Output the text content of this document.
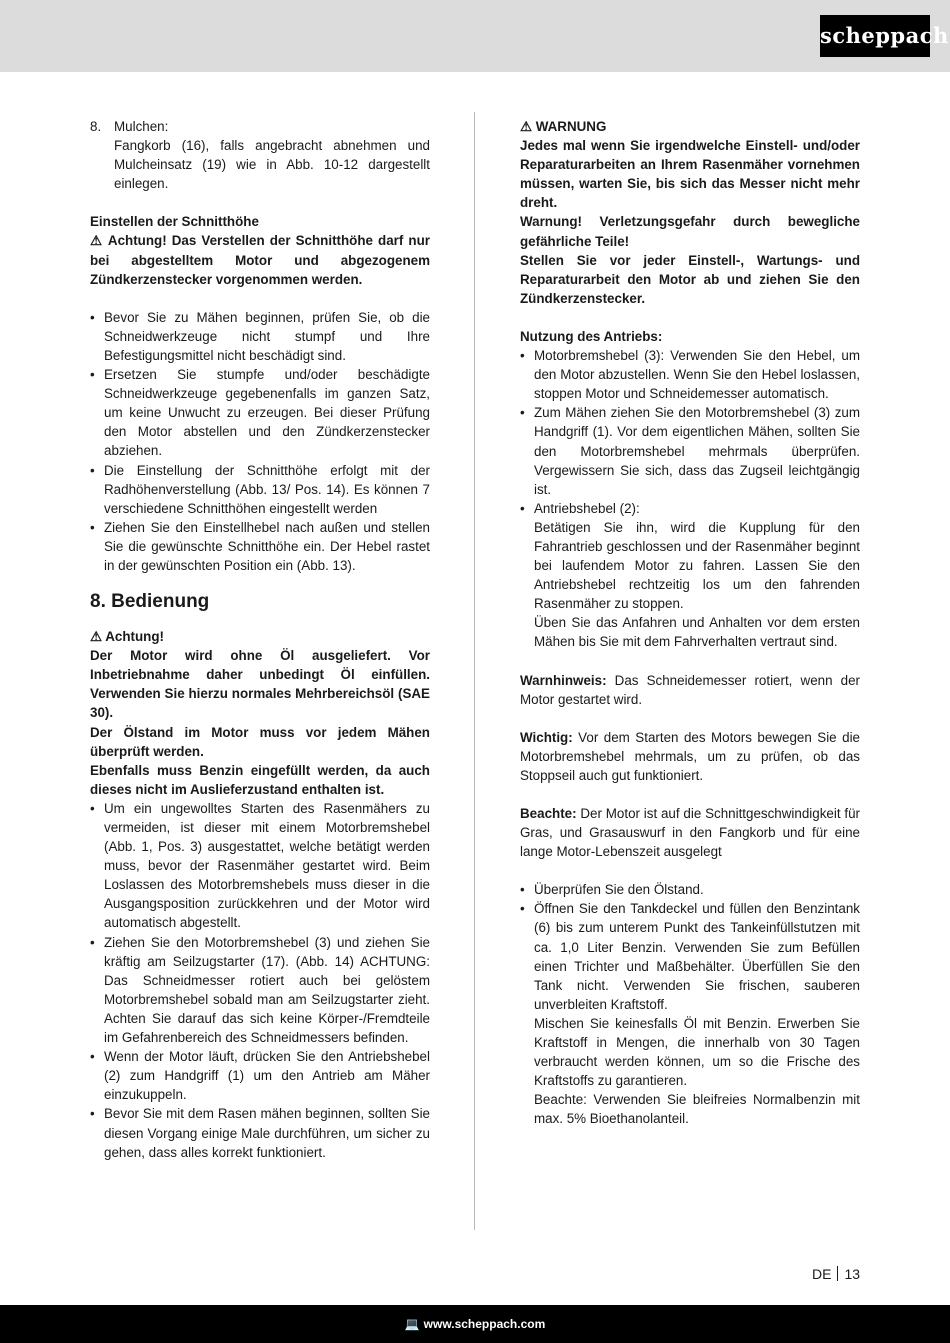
scheppach
8. Mulchen:

Fangkorb (16), falls angebracht abnehmen und Mulcheinsatz (19) wie in Abb. 10-12 dargestellt einlegen.

Einstellen der Schnitthöhe

⚠ Achtung! Das Verstellen der Schnitthöhe darf nur bei abgestelltem Motor und abgezogenem Zündkerzenstecker vorgenommen werden.

• Bevor Sie zu Mähen beginnen, prüfen Sie, ob die Schneidwerkzeuge nicht stumpf und Ihre Befestigungsmittel nicht beschädigt sind.
• Ersetzen Sie stumpfe und/oder beschädigte Schneidwerkzeuge gegebenenfalls im ganzen Satz, um keine Unwucht zu erzeugen. Bei dieser Prüfung den Motor abstellen und den Zündkerzenstecker abziehen.
• Die Einstellung der Schnitthöhe erfolgt mit der Radhöhenverstellung (Abb. 13/ Pos. 14). Es können 7 verschiedene Schnitthöhen eingestellt werden
• Ziehen Sie den Einstellhebel nach außen und stellen Sie die gewünschte Schnitthöhe ein. Der Hebel rastet in der gewünschten Position ein (Abb. 13).
8. Bedienung

⚠ Achtung!

Der Motor wird ohne Öl ausgeliefert. Vor Inbetriebnahme daher unbedingt Öl einfüllen. Verwenden Sie hierzu normales Mehrbereichsöl (SAE 30).

Der Ölstand im Motor muss vor jedem Mähen überprüft werden.

Ebenfalls muss Benzin eingefüllt werden, da auch dieses nicht im Auslieferzustand enthalten ist.

• Um ein ungewolltes Starten des Rasenmähers zu vermeiden, ist dieser mit einem Motorbremshebel (Abb. 1, Pos. 3) ausgestattet, welche betätigt werden muss, bevor der Rasenmäher gestartet wird. Beim Loslassen des Motorbremshebels muss dieser in die Ausgangsposition zurückkehren und der Motor wird automatisch abgestellt.
• Ziehen Sie den Motorbremshebel (3) und ziehen Sie kräftig am Seilzugstarter (17). (Abb. 14) ACHTUNG: Das Schneidmesser rotiert auch bei gelöstem Motorbremshebel sobald man am Seilzugstarter zieht. Achten Sie darauf das sich keine Körper-/Fremdteile im Gefahrenbereich des Schneidmessers befinden.
• Wenn der Motor läuft, drücken Sie den Antriebshebel (2) zum Handgriff (1) um den Antrieb am Mäher einzukuppeln.
• Bevor Sie mit dem Rasen mähen beginnen, sollten Sie diesen Vorgang einige Male durchführen, um sicher zu gehen, dass alles korrekt funktioniert.

⚠ WARNUNG

Jedes mal wenn Sie irgendwelche Einstell- und/oder Reparaturarbeiten an Ihrem Rasenmäher vornehmen müssen, warten Sie, bis sich das Messer nicht mehr dreht.

Warnung! Verletzungsgefahr durch bewegliche gefährliche Teile!

Stellen Sie vor jeder Einstell-, Wartungs- und Reparaturarbeit den Motor ab und ziehen Sie den Zündkerzenstecker.

Nutzung des Antriebs:

• Motorbremshebel (3): Verwenden Sie den Hebel, um den Motor abzustellen. Wenn Sie den Hebel loslassen, stoppen Motor und Schneidemesser automatisch.
• Zum Mähen ziehen Sie den Motorbremshebel (3) zum Handgriff (1). Vor dem eigentlichen Mähen, sollten Sie den Motorbremshebel mehrmals überprüfen. Vergewissern Sie sich, dass das Zugseil leichtgängig ist.

• Antriebshebel (2):

Betätigen Sie ihn, wird die Kupplung für den Fahrantrieb geschlossen und der Rasenmäher beginnt bei laufendem Motor zu fahren. Lassen Sie den Antriebshebel rechtzeitig los um den fahrenden Rasenmäher zu stoppen.

Üben Sie das Anfahren und Anhalten vor dem ersten Mähen bis Sie mit dem Fahrverhalten vertraut sind.

Warnhinweis: Das Schneidemesser rotiert, wenn der Motor gestartet wird.

Wichtig: Vor dem Starten des Motors bewegen Sie die Motorbremshebel mehrmals, um zu prüfen, ob das Stoppseil auch gut funktioniert.

Beachte: Der Motor ist auf die Schnittgeschwindigkeit für Gras, und Grasauswurf in den Fangkorb und für eine lange Motor-Lebenszeit ausgelegt

• Überprüfen Sie den Ölstand.

• Öffnen Sie den Tankdeckel und füllen den Benzintank (6) bis zum unterem Punkt des Tankeinfüllstutzen mit ca. 1,0 Liter Benzin. Verwenden Sie zum Befüllen einen Trichter und Maßbehälter. Überfüllen Sie den Tank nicht. Verwenden Sie frischen, sauberen unverbleiten Kraftstoff.

Mischen Sie keinesfalls Öl mit Benzin. Erwerben Sie Kraftstoff in Mengen, die innerhalb von 30 Tagen verbraucht werden können, um so die Frische des Kraftstoffs zu garantieren.

Beachte: Verwenden Sie bleifreies Normalbenzin mit max. 5% Bioethanolanteil.

DE 13
💻 www.scheppach.com
